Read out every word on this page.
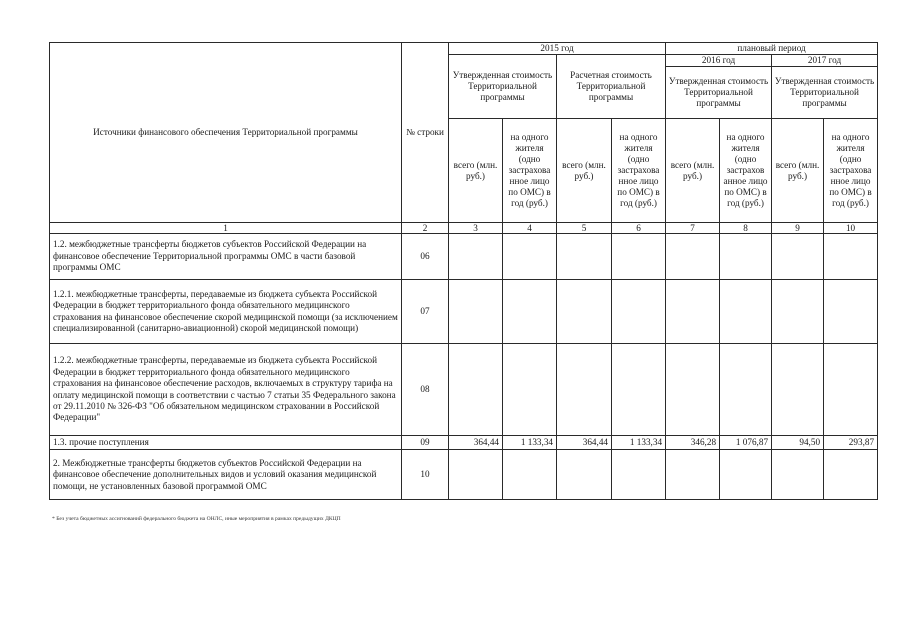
Источники финансового обеспечения Территориальной программы	№ строки	2015 год				плановый период			
		Утвержденная стоимость Территориальной программы		Расчетная стоимость Территориальной программы		2016 год		2017 год	
						Утвержденная стоимость Территориальной программы		Утвержденная стоимость Территориальной программы	
		всего (млн. руб.)	на одного жителя (одно застрахова нное лицо по ОМС) в год (руб.)	всего (млн. руб.)	на одного жителя (одно застрахова нное лицо по ОМС) в год (руб.)	всего (млн. руб.)	на одного жителя (одно застрахов анное лицо по ОМС) в год (руб.)	всего (млн. руб.)	на одного жителя (одно застрахова нное лицо по ОМС) в год (руб.)
1	2	3	4	5	6	7	8	9	10
1.2. межбюджетные трансферты бюджетов субъектов Российской Федерации на финансовое обеспечение Территориальной программы ОМС в части базовой программы ОМС	06								
1.2.1. межбюджетные трансферты, передаваемые из бюджета субъекта Российской Федерации в бюджет территориального фонда обязательного медицинского страхования на финансовое обеспечение скорой медицинской помощи (за исключением специализированной (санитарно-авиационной) скорой медицинской помощи)	07								
1.2.2. межбюджетные трансферты, передаваемые из бюджета субъекта Российской Федерации в бюджет территориального фонда обязательного медицинского страхования на финансовое обеспечение расходов, включаемых в структуру тарифа на оплату медицинской помощи в соответствии с частью 7 статьи 35 Федерального закона от 29.11.2010 № 326-ФЗ "Об обязательном медицинском страховании в Российской Федерации"	08								
1.3. прочие поступления	09	364,44	1 133,34	364,44	1 133,34	346,28	1 076,87	94,50	293,87
2. Межбюджетные трансферты бюджетов субъектов Российской Федерации на финансовое обеспечение дополнительных видов и условий оказания медицинской помощи, не установленных базовой программой ОМС	10								
* Без учета бюджетных ассигнований федерального бюджета на ОНЛС, иные мероприятия в рамках предыдущих ДКЦП
